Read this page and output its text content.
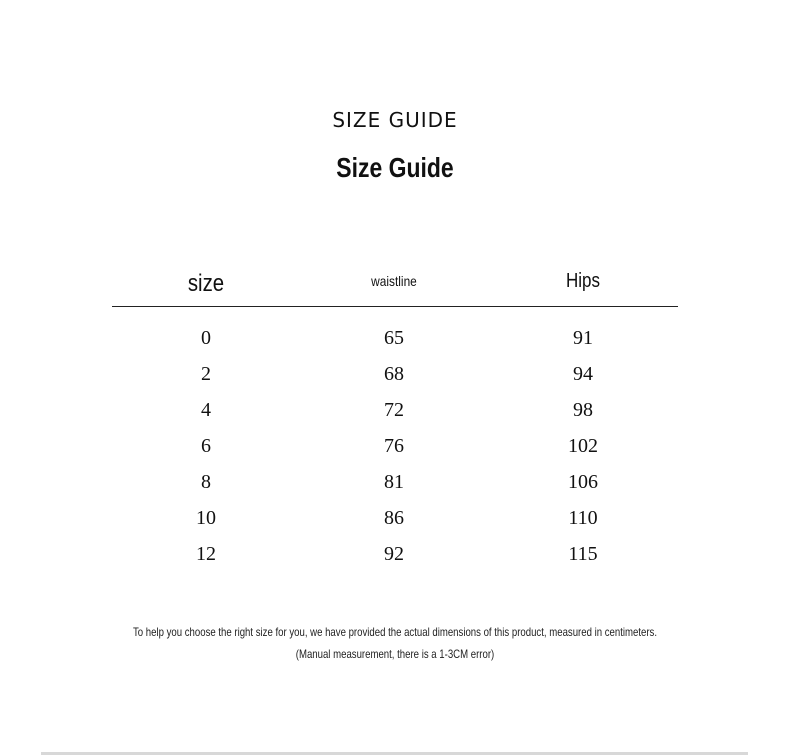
SIZE GUIDE
Size Guide
size	waistline	Hips
0	65	91
2	68	94
4	72	98
6	76	102
8	81	106
10	86	110
12	92	115
To help you choose the right size for you, we have provided the actual dimensions of this product, measured in centimeters.
(Manual measurement, there is a 1-3CM error)
